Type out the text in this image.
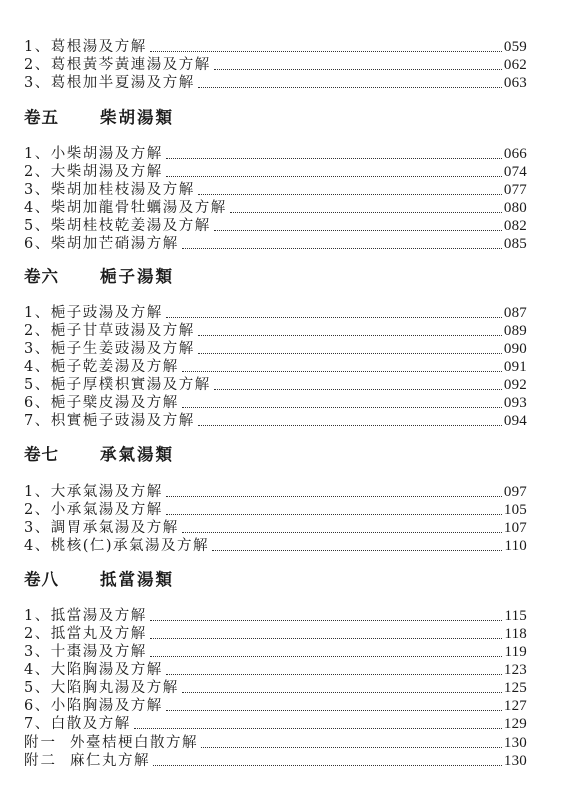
1、葛根湯及方解	059
2、葛根黃芩黃連湯及方解	062
3、葛根加半夏湯及方解	063
卷五 柴胡湯類
1、小柴胡湯及方解	066
2、大柴胡湯及方解	074
3、柴胡加桂枝湯及方解	077
4、柴胡加龍骨牡蠣湯及方解	080
5、柴胡桂枝乾姜湯及方解	082
6、柴胡加芒硝湯方解	085
卷六 梔子湯類
1、梔子豉湯及方解	087
2、梔子甘草豉湯及方解	089
3、梔子生姜豉湯及方解	090
4、梔子乾姜湯及方解	091
5、梔子厚樸枳實湯及方解	092
6、梔子檗皮湯及方解	093
7、枳實梔子豉湯及方解	094
卷七 承氣湯類
1、大承氣湯及方解	097
2、小承氣湯及方解	105
3、調胃承氣湯及方解	107
4、桃核(仁)承氣湯及方解	110
卷八 抵當湯類
1、抵當湯及方解	115
2、抵當丸及方解	118
3、十棗湯及方解	119
4、大陷胸湯及方解	123
5、大陷胸丸湯及方解	125
6、小陷胸湯及方解	127
7、白散及方解	129
附一 外臺桔梗白散方解	130
附二 麻仁丸方解	130
